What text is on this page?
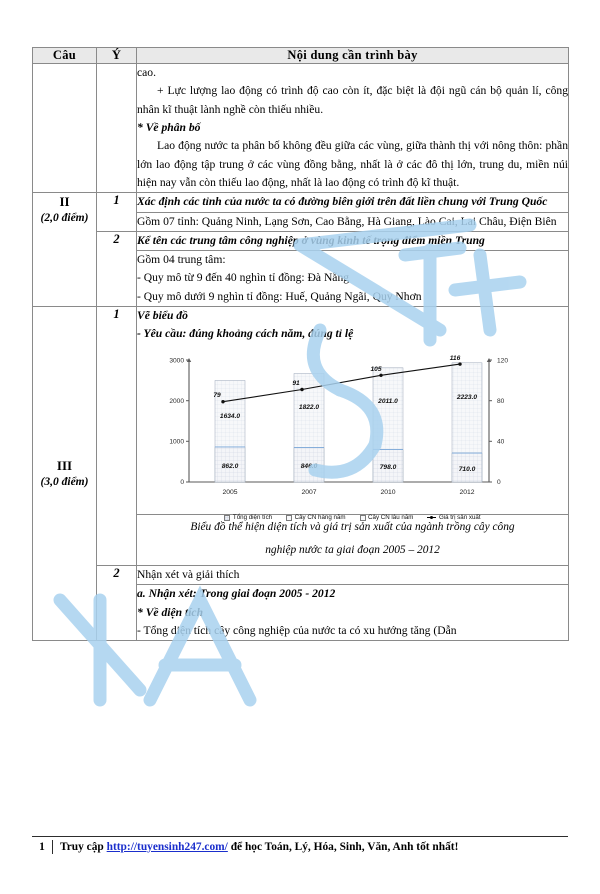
Câu	Ý	Nội dung cần trình bày

		cao.

+ Lực lượng lao động có trình độ cao còn ít, đặc biệt là đội ngũ cán bộ quản lí, công nhân kĩ thuật lành nghề còn thiếu nhiều.

* Về phân bố

Lao động nước ta phân bố không đều giữa các vùng, giữa thành thị với nông thôn: phần lớn lao động tập trung ở các vùng đồng bằng, nhất là ở các đô thị lớn, trung du, miền núi hiện nay vẫn còn thiếu lao động, nhất là lao động có trình độ kĩ thuật.

II
(2,0 điểm)	1	Xác định các tỉnh của nước ta có đường biên giới trên đất liền chung với Trung Quốc

		Gồm 07 tỉnh: Quảng Ninh, Lạng Sơn, Cao Bằng, Hà Giang, Lào Cai, Lai Châu, Điện Biên

	2	Kể tên các trung tâm công nghiệp ở vùng kinh tế trọng điểm miền Trung

		Gồm 04 trung tâm:

- Quy mô từ 9 đến 40 nghìn tỉ đồng: Đà Nẵng

- Quy mô dưới 9 nghìn tỉ đồng: Huế, Quảng Ngãi, Quy Nhơn

III
(3,0 điểm)
	1	Vẽ biểu đồ

- Yêu cầu: đúng khoảng cách năm, đúng tỉ lệ

0
1000
2000
3000
0
40
80
120
1634.0
1822.0
2011.0
2223.0
862.0	846.0	798.0	710.0
79
91
105
116
2005	2007	2010	2012
Tổng diện tích	Cây CN hàng năm	Cây CN lâu năm	Giá trị sản xuất

		Biểu đồ thể hiện diện tích và giá trị sản xuất của ngành trồng cây công

nghiệp nước ta giai đoạn 2005 – 2012

	2	Nhận xét và giải thích

		a. Nhận xét: Trong giai đoạn 2005 - 2012

* Về diện tích

- Tổng diện tích cây công nghiệp của nước ta có xu hướng tăng (Dẫn

1	Truy cập
http://tuyensinh247.com/
để học Toán, Lý, Hóa, Sinh, Văn, Anh tốt nhất!
